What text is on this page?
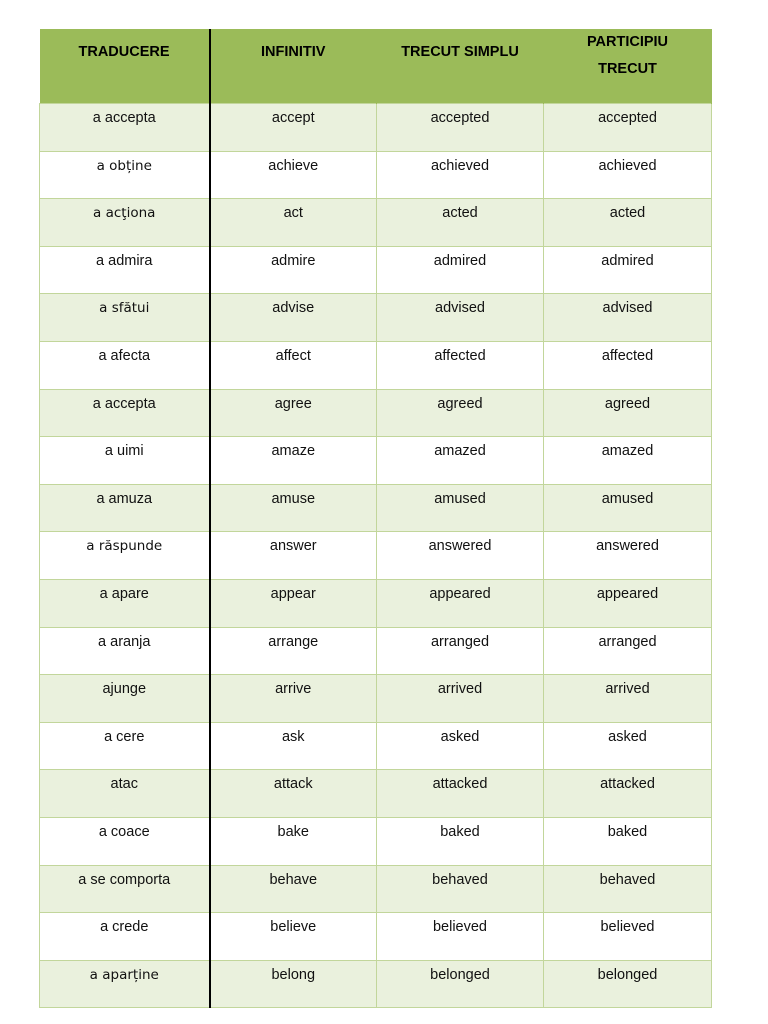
TRADUCERE	INFINITIV	TRECUT SIMPLU	PARTICIPIU
TRECUT

a accepta	accept	accepted	accepted

a obține	achieve	achieved	achieved

a acţiona	act	acted	acted

a admira	admire	admired	admired

a sfătui	advise	advised	advised

a afecta	affect	affected	affected

a accepta	agree	agreed	agreed

a uimi	amaze	amazed	amazed

a amuza	amuse	amused	amused

a răspunde	answer	answered	answered

a apare	appear	appeared	appeared

a aranja	arrange	arranged	arranged

ajunge	arrive	arrived	arrived

a cere	ask	asked	asked

atac	attack	attacked	attacked

a coace	bake	baked	baked

a se comporta	behave	behaved	behaved

a crede	believe	believed	believed

a aparține	belong	belonged	belonged
